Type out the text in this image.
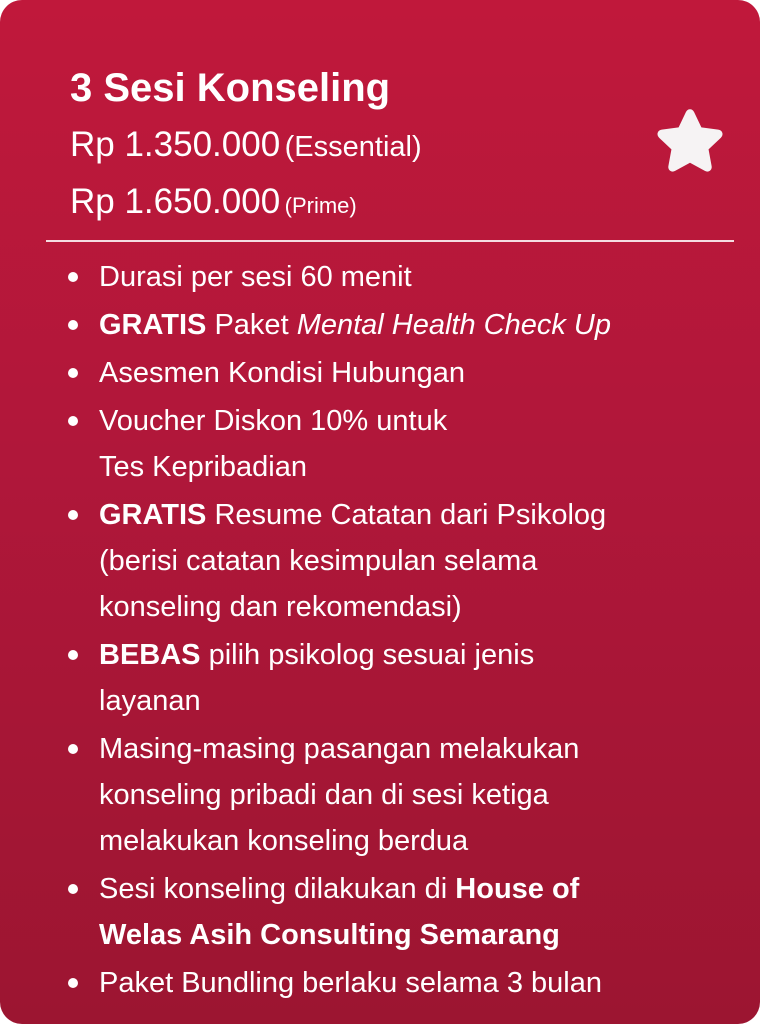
3 Sesi Konseling
Rp 1.350.000 (Essential)
Rp 1.650.000 (Prime)
Durasi per sesi 60 menit
GRATIS Paket Mental Health Check Up
Asesmen Kondisi Hubungan
Voucher Diskon 10% untuk
Tes Kepribadian
GRATIS Resume Catatan dari Psikolog
(berisi catatan kesimpulan selama
konseling dan rekomendasi)
BEBAS pilih psikolog sesuai jenis
layanan
Masing-masing pasangan melakukan
konseling pribadi dan di sesi ketiga
melakukan konseling berdua
Sesi konseling dilakukan di House of
Welas Asih Consulting Semarang
Paket Bundling berlaku selama 3 bulan
